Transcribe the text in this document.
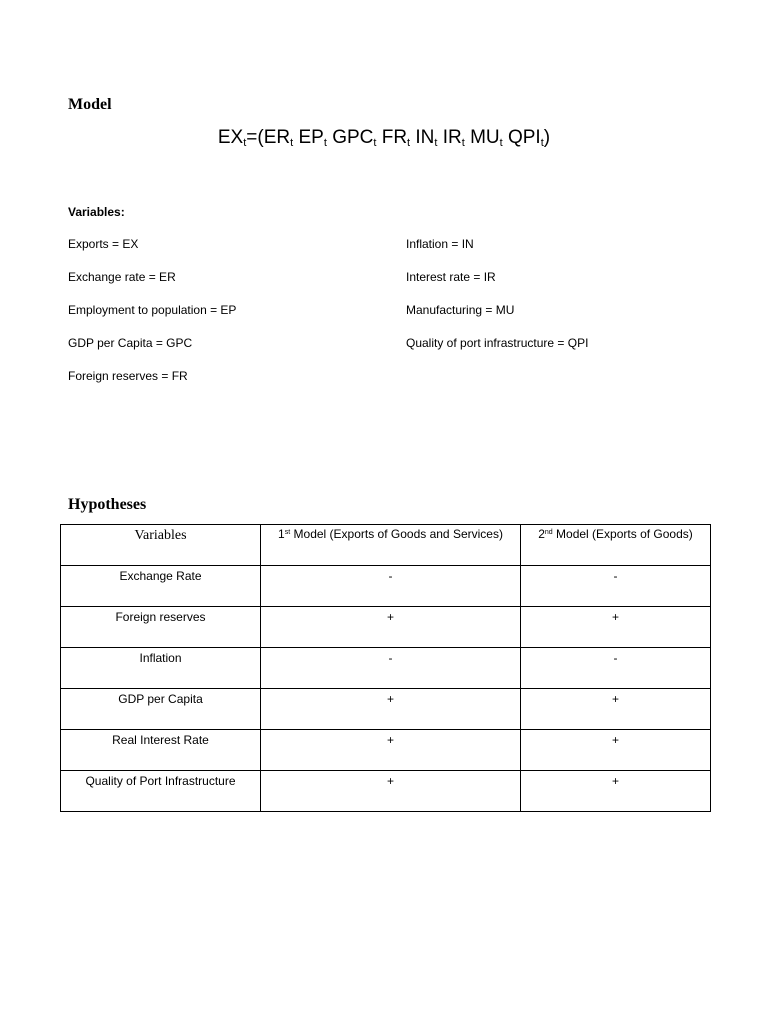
Model
$EX_t=(ER_t$ $EP_t$ $GPC_t$ $FR_t$ $IN_t$ $IR_t$ $MU_t$ $QPI_t$)
Variables:
Exports = EX
Exchange rate = ER
Employment to population = EP
GDP per Capita = GPC
Foreign reserves = FR
Inflation = IN
Interest rate = IR
Manufacturing = MU
Quality of port infrastructure = QPI
Hypotheses
Variables	1st Model (Exports of Goods and Services)	2nd Model (Exports of Goods)
Exchange Rate	-	-
Foreign reserves	+	+
Inflation	-	-
GDP per Capita	+	+
Real Interest Rate	+	+
Quality of Port Infrastructure	+	+
